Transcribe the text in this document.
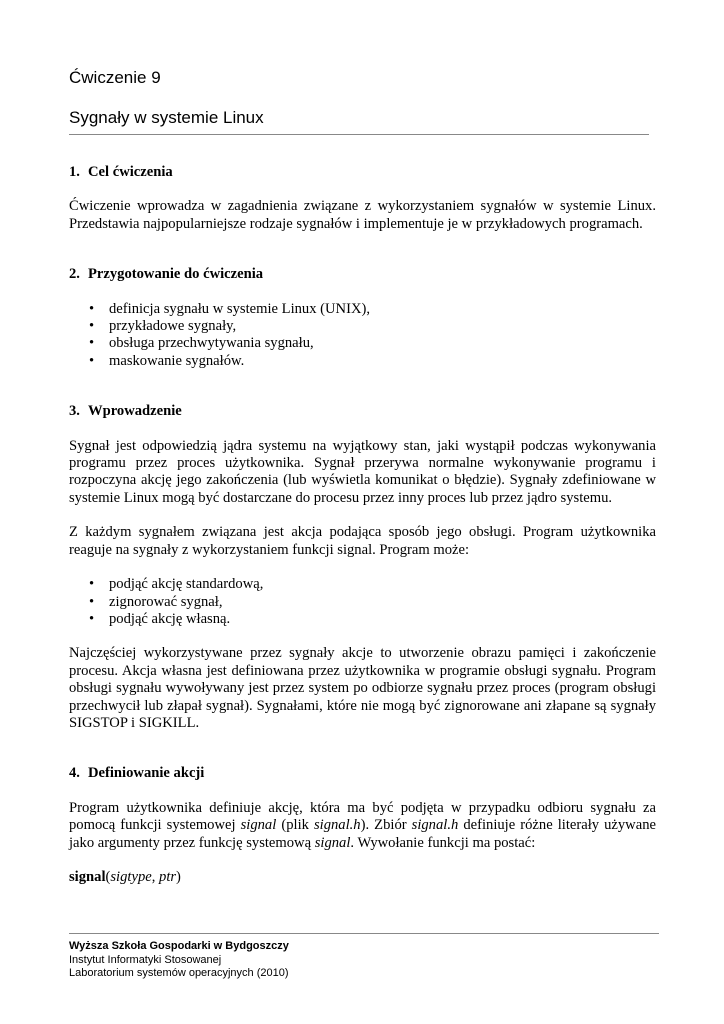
Ćwiczenie 9
Sygnały w systemie Linux
1. Cel ćwiczenia

Ćwiczenie wprowadza w zagadnienia związane z wykorzystaniem sygnałów w systemie Linux. Przedstawia najpopularniejsze rodzaje sygnałów i implementuje je w przykładowych programach.

2. Przygotowanie do ćwiczenia
• definicja sygnału w systemie Linux (UNIX),
• przykładowe sygnały,
• obsługa przechwytywania sygnału,
• maskowanie sygnałów.
3. Wprowadzenie

Sygnał jest odpowiedzią jądra systemu na wyjątkowy stan, jaki wystąpił podczas wykonywania programu przez proces użytkownika. Sygnał przerywa normalne wykonywanie programu i rozpoczyna akcję jego zakończenia (lub wyświetla komunikat o błędzie). Sygnały zdefiniowane w systemie Linux mogą być dostarczane do procesu przez inny proces lub przez jądro systemu.

Z każdym sygnałem związana jest akcja podająca sposób jego obsługi. Program użytkownika reaguje na sygnały z wykorzystaniem funkcji signal. Program może:

• podjąć akcję standardową,
• zignorować sygnał,
• podjąć akcję własną.

Najczęściej wykorzystywane przez sygnały akcje to utworzenie obrazu pamięci i zakończenie procesu. Akcja własna jest definiowana przez użytkownika w programie obsługi sygnału. Program obsługi sygnału wywoływany jest przez system po odbiorze sygnału przez proces (program obsługi przechwycił lub złapał sygnał). Sygnałami, które nie mogą być zignorowane ani złapane są sygnały SIGSTOP i SIGKILL.

4. Definiowanie akcji

Program użytkownika definiuje akcję, która ma być podjęta w przypadku odbioru sygnału za pomocą funkcji systemowej signal (plik signal.h). Zbiór signal.h definiuje różne literały używane jako argumenty przez funkcję systemową signal. Wywołanie funkcji ma postać:

signal(sigtype, ptr)

Wyższa Szkoła Gospodarki w Bydgoszczy
Instytut Informatyki Stosowanej
Laboratorium systemów operacyjnych (2010)
